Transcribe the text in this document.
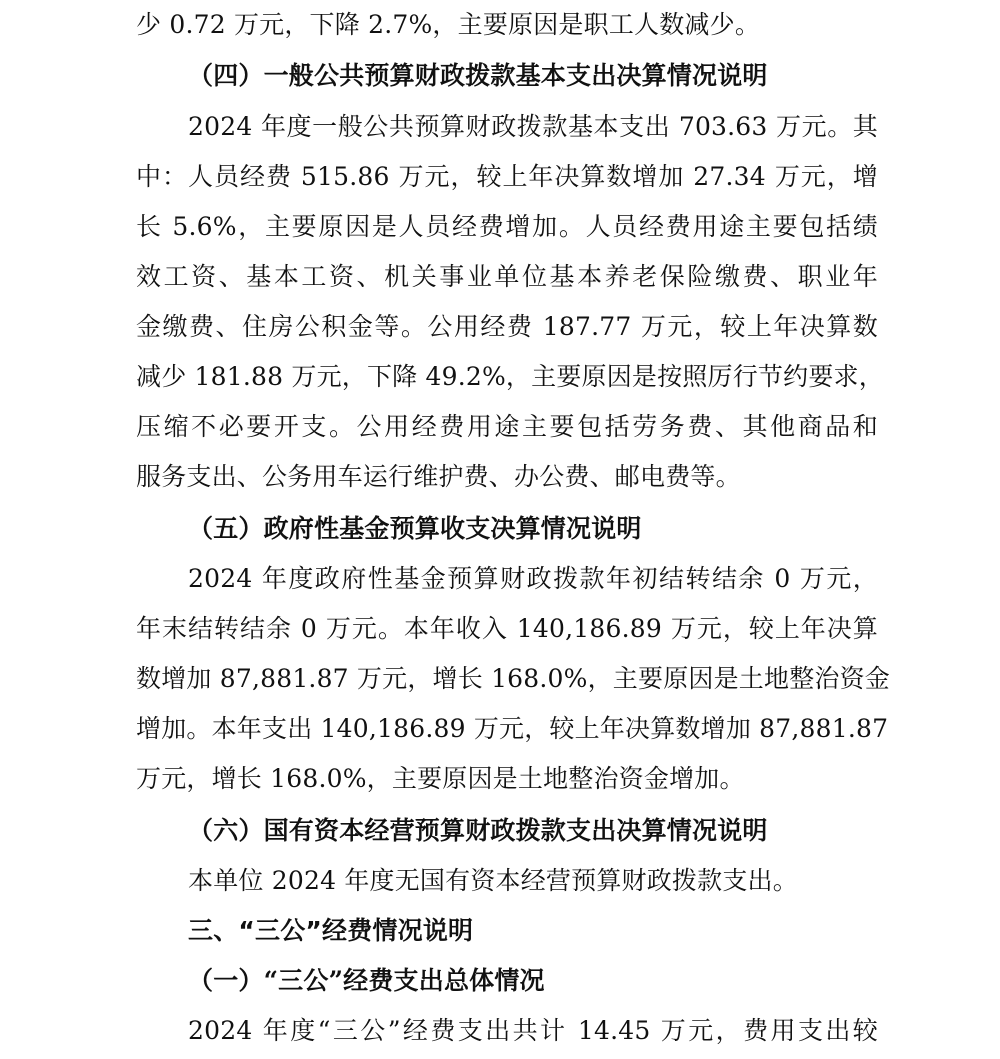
少 0.72 万元，下降 2.7%，主要原因是职工人数减少。
（四）一般公共预算财政拨款基本支出决算情况说明
2024 年度一般公共预算财政拨款基本支出 703.63 万元。其
中：人员经费 515.86 万元，较上年决算数增加 27.34 万元，增
长 5.6%，主要原因是人员经费增加。人员经费用途主要包括绩
效工资、基本工资、机关事业单位基本养老保险缴费、职业年
金缴费、住房公积金等。公用经费 187.77 万元，较上年决算数
减少 181.88 万元，下降 49.2%，主要原因是按照厉行节约要求，
压缩不必要开支。公用经费用途主要包括劳务费、其他商品和
服务支出、公务用车运行维护费、办公费、邮电费等。
（五）政府性基金预算收支决算情况说明
2024 年度政府性基金预算财政拨款年初结转结余 0 万元，
年末结转结余 0 万元。本年收入 140,186.89 万元，较上年决算
数增加 87,881.87 万元，增长 168.0%，主要原因是土地整治资金
增加。本年支出 140,186.89 万元，较上年决算数增加 87,881.87
万元，增长 168.0%，主要原因是土地整治资金增加。
（六）国有资本经营预算财政拨款支出决算情况说明
本单位 2024 年度无国有资本经营预算财政拨款支出。
三、“三公”经费情况说明
（一）“三公”经费支出总体情况
2024 年度“三公”经费支出共计 14.45 万元，费用支出较
